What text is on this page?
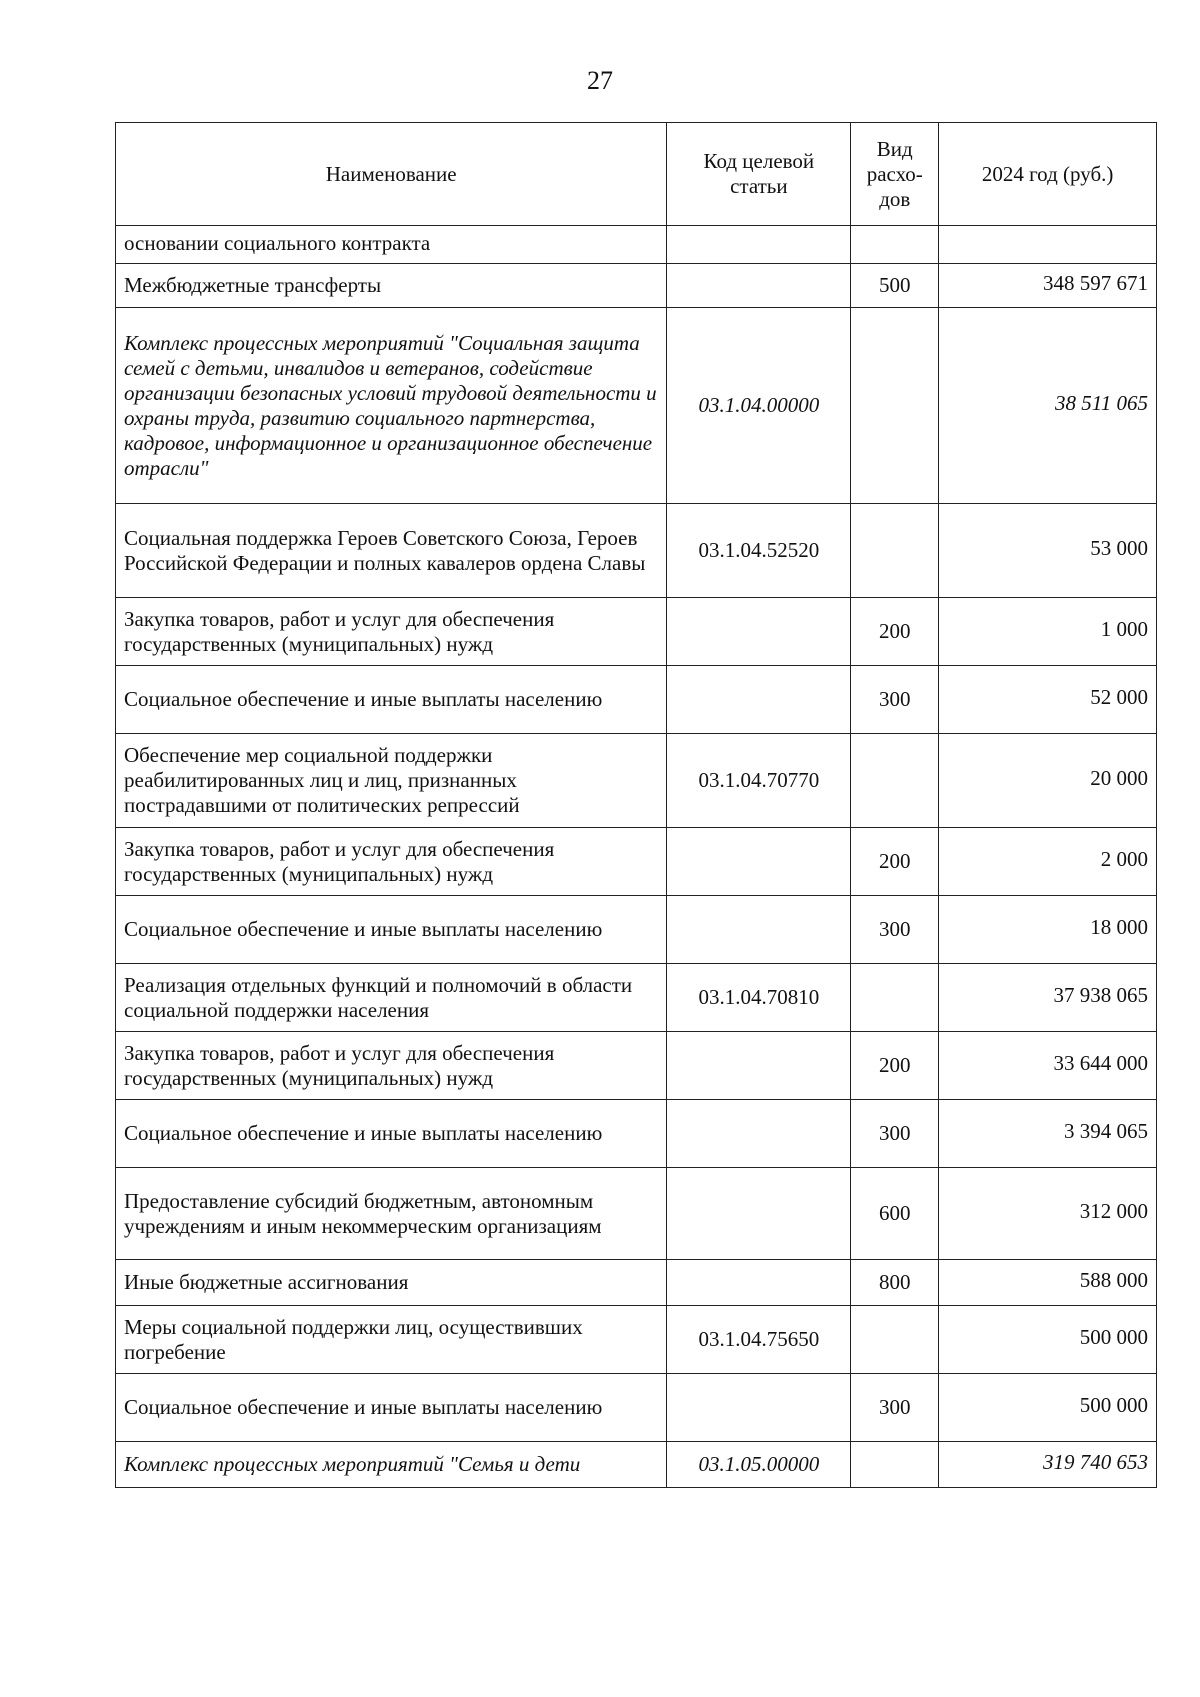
27
Наименование	Код целевой статьи	Вид расхо-дов	2024 год (руб.)
основании социального контракта			
Межбюджетные трансферты		500	348 597 671
Комплекс процессных мероприятий "Социальная защита семей с детьми, инвалидов и ветеранов, содействие организации безопасных условий трудовой деятельности и охраны труда, развитию социального партнерства, кадровое, информационное и организационное обеспечение отрасли"	03.1.04.00000		38 511 065
Социальная поддержка Героев Советского Союза, Героев Российской Федерации и полных кавалеров ордена Славы	03.1.04.52520		53 000
Закупка товаров, работ и услуг для обеспечения государственных (муниципальных) нужд		200	1 000
Социальное обеспечение и иные выплаты населению		300	52 000
Обеспечение мер социальной поддержки реабилитированных лиц и лиц, признанных пострадавшими от политических репрессий	03.1.04.70770		20 000
Закупка товаров, работ и услуг для обеспечения государственных (муниципальных) нужд		200	2 000
Социальное обеспечение и иные выплаты населению		300	18 000
Реализация отдельных функций и полномочий в области социальной поддержки населения	03.1.04.70810		37 938 065
Закупка товаров, работ и услуг для обеспечения государственных (муниципальных) нужд		200	33 644 000
Социальное обеспечение и иные выплаты населению		300	3 394 065
Предоставление субсидий бюджетным, автономным учреждениям и иным некоммерческим организациям		600	312 000
Иные бюджетные ассигнования		800	588 000
Меры социальной поддержки лиц, осуществивших погребение	03.1.04.75650		500 000
Социальное обеспечение и иные выплаты населению		300	500 000
Комплекс процессных мероприятий "Семья и дети	03.1.05.00000		319 740 653
